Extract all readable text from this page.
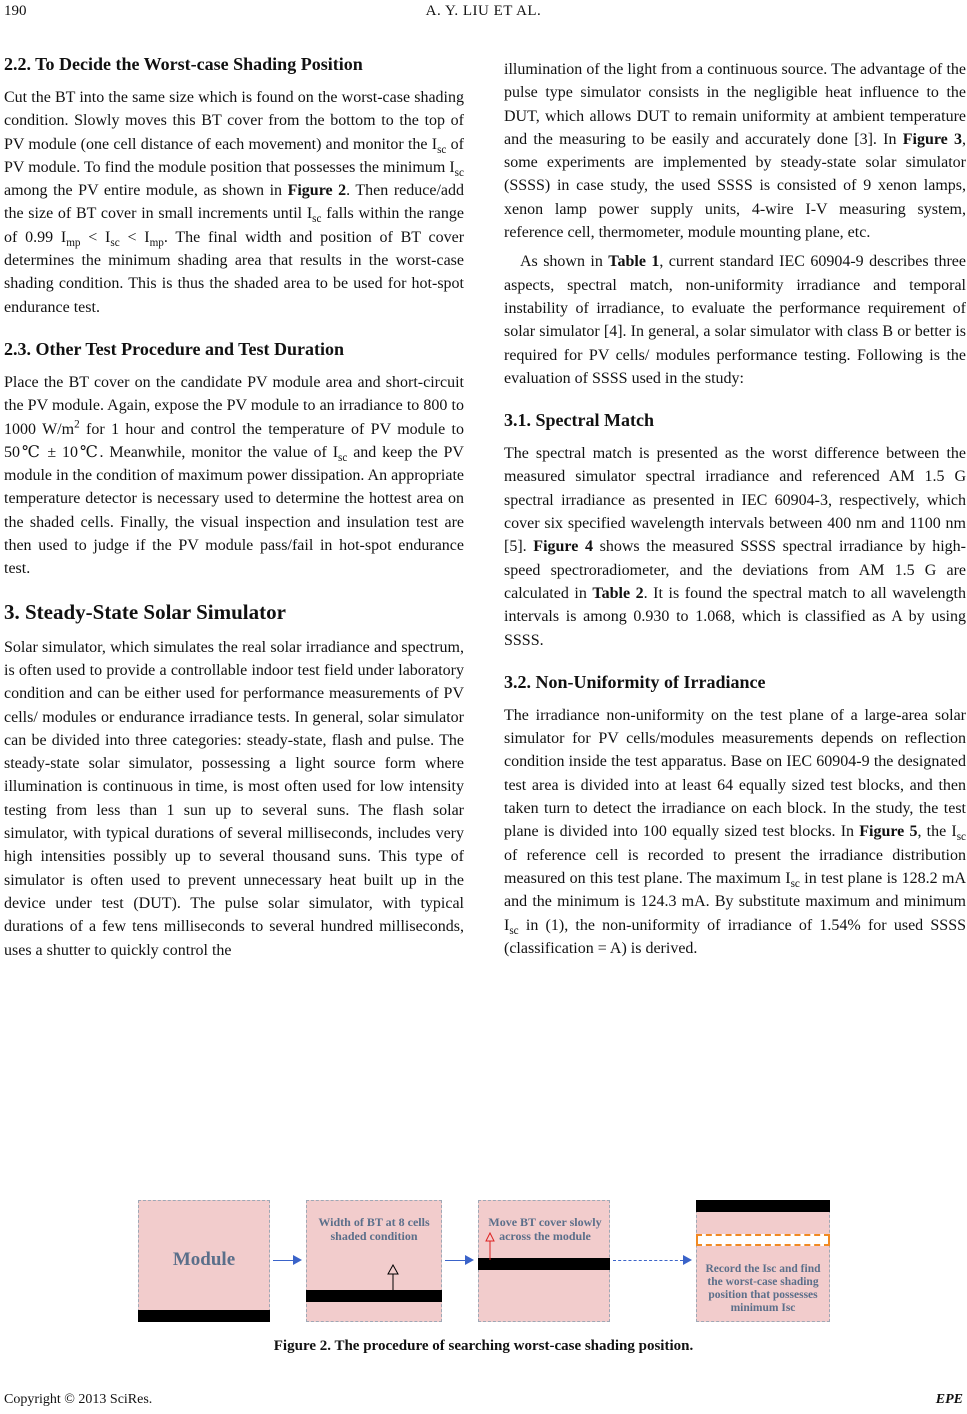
190	A. Y. LIU ET AL.
2.2. To Decide the Worst-case Shading Position

Cut the BT into the same size which is found on the worst-case shading condition. Slowly moves this BT cover from the bottom to the top of PV module (one cell distance of each movement) and monitor the $I_{sc}$ of PV module. To find the module position that possesses the minimum $I_{sc}$ among the PV entire module, as shown in Figure 2. Then reduce/add the size of BT cover in small increments until $I_{sc}$ falls within the range of 0.99 $I_{mp} < I_{sc} < I_{mp}$. The final width and position of BT cover determines the minimum shading area that results in the worst-case shading condition. This is thus the shaded area to be used for hot-spot endurance test.

2.3. Other Test Procedure and Test Duration

Place the BT cover on the candidate PV module area and short-circuit the PV module. Again, expose the PV module to an irradiance to 800 to 1000 $W/m^2$ for 1 hour and control the temperature of PV module to 50℃ ± 10℃. Meanwhile, monitor the value of $I_{sc}$ and keep the PV module in the condition of maximum power dissipation. An appropriate temperature detector is necessary used to determine the hottest area on the shaded cells. Finally, the visual inspection and insulation test are then used to judge if the PV module pass/fail in hot-spot endurance test.

3. Steady-State Solar Simulator

Solar simulator, which simulates the real solar irradiance and spectrum, is often used to provide a controllable indoor test field under laboratory condition and can be either used for performance measurements of PV cells/ modules or endurance irradiance tests. In general, solar simulator can be divided into three categories: steady-state, flash and pulse. The steady-state solar simulator, possessing a light source form where illumination is continuous in time, is most often used for low intensity testing from less than 1 sun up to several suns. The flash solar simulator, with typical durations of several milliseconds, includes very high intensities possibly up to several thousand suns. This type of simulator is often used to prevent unnecessary heat built up in the device under test (DUT). The pulse solar simulator, with typical durations of a few tens milliseconds to several hundred milliseconds, uses a shutter to quickly control the

illumination of the light from a continuous source. The advantage of the pulse type simulator consists in the negligible heat influence to the DUT, which allows DUT to remain uniformity at ambient temperature and the measuring to be easily and accurately done [3]. In Figure 3, some experiments are implemented by steady-state solar simulator (SSSS) in case study, the used SSSS is consisted of 9 xenon lamps, xenon lamp power supply units, 4-wire I-V measuring system, reference cell, thermometer, module mounting plane, etc.

As shown in Table 1, current standard IEC 60904-9 describes three aspects, spectral match, non-uniformity irradiance and temporal instability of irradiance, to evaluate the performance requirement of solar simulator [4]. In general, a solar simulator with class B or better is required for PV cells/ modules performance testing. Following is the evaluation of SSSS used in the study:

3.1. Spectral Match

The spectral match is presented as the worst difference between the measured simulator spectral irradiance and referenced AM 1.5 G spectral irradiance as presented in IEC 60904-3, respectively, which cover six specified wavelength intervals between 400 nm and 1100 nm [5]. Figure 4 shows the measured SSSS spectral irradiance by high-speed spectroradiometer, and the deviations from AM 1.5 G are calculated in Table 2. It is found the spectral match to all wavelength intervals is among 0.930 to 1.068, which is classified as A by using SSSS.

3.2. Non-Uniformity of Irradiance

The irradiance non-uniformity on the test plane of a large-area solar simulator for PV cells/modules measurements depends on reflection condition inside the test apparatus. Base on IEC 60904-9 the designated test area is divided into at least 64 equally sized test blocks, and then taken turn to detect the irradiance on each block. In the study, the test plane is divided into 100 equally sized test blocks. In Figure 5, the $I_{sc}$ of reference cell is recorded to present the irradiance distribution measured on this test plane. The maximum $I_{sc}$ in test plane is 128.2 mA and the minimum is 124.3 mA. By substitute maximum and minimum $I_{sc}$ in (1), the non-uniformity of irradiance of 1.54% for used SSSS (classification = A) is derived.

Module
Width of BT at 8 cells shaded condition
Move BT cover slowly across the module
Record the Isc and find the worst-case shading position that possesses minimum Isc
Figure 2. The procedure of searching worst-case shading position.
Copyright © 2013 SciRes.	EPE
